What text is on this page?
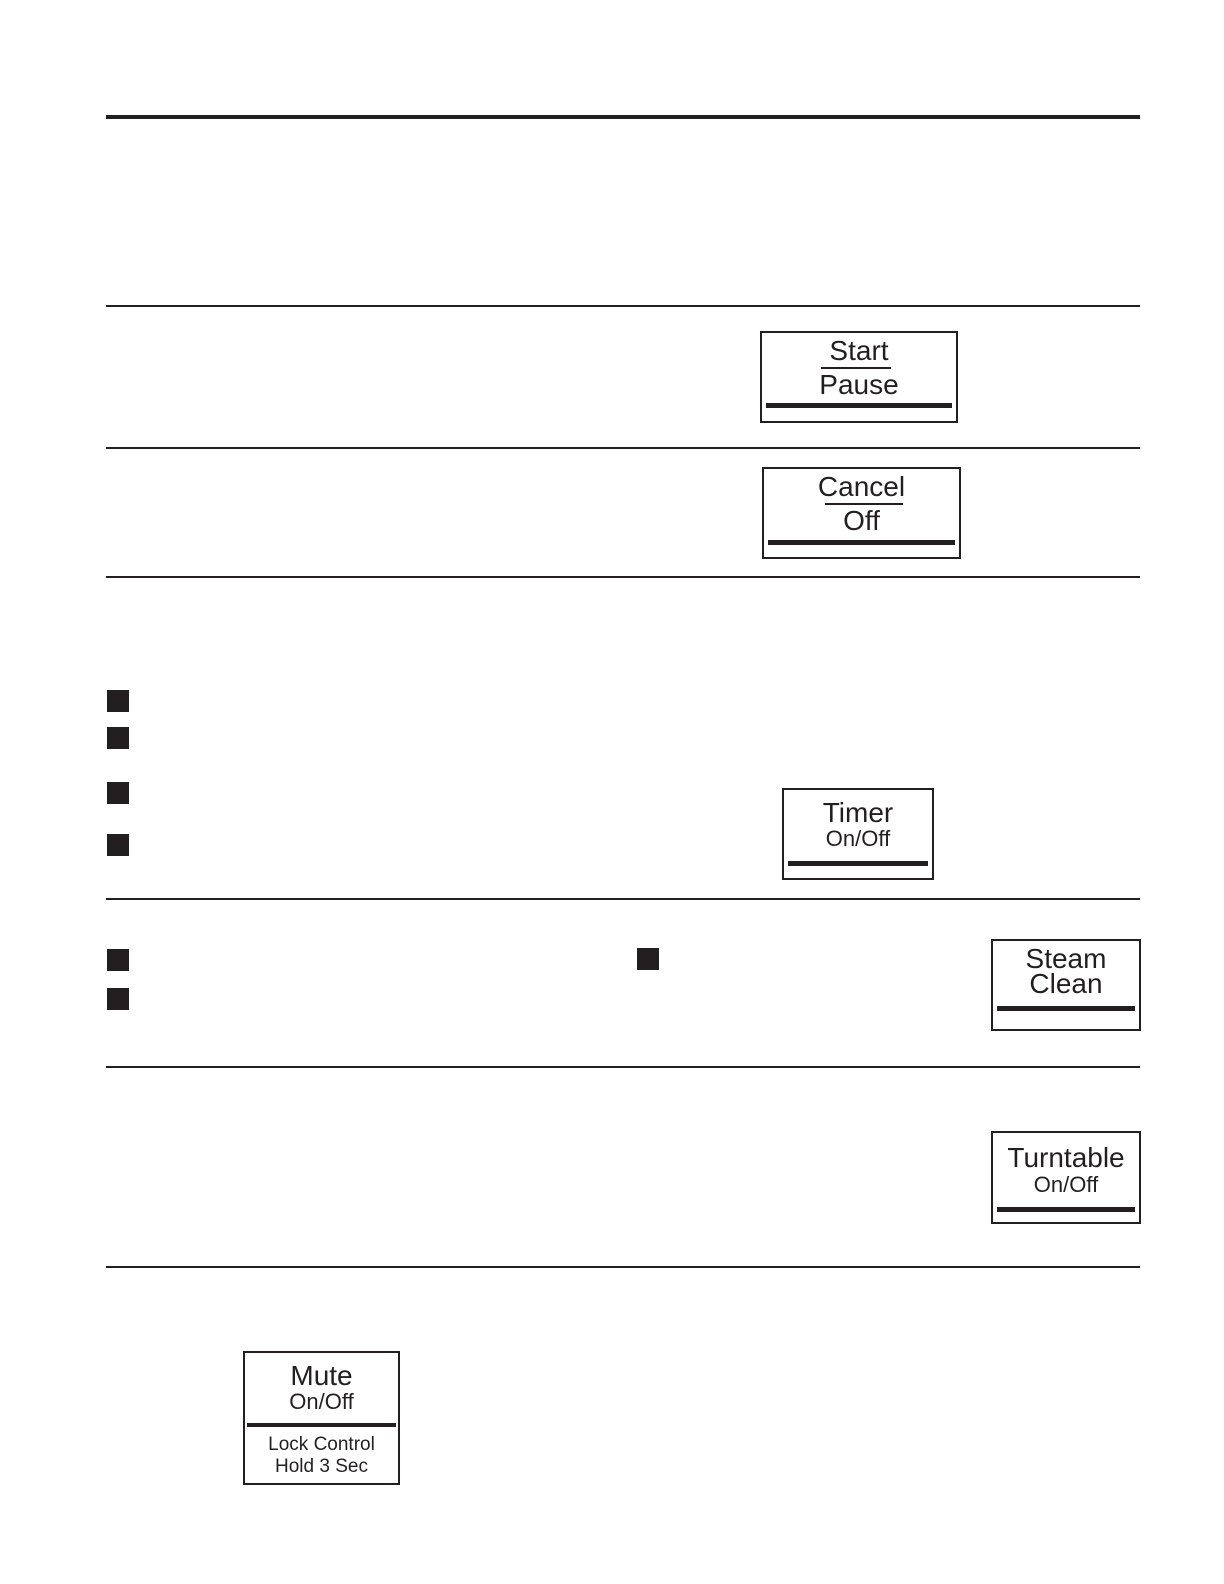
Start
Pause
Cancel
Off
Timer
On/Off
Steam
Clean
Turntable
On/Off
Mute
On/Off
Lock Control
Hold 3 Sec
